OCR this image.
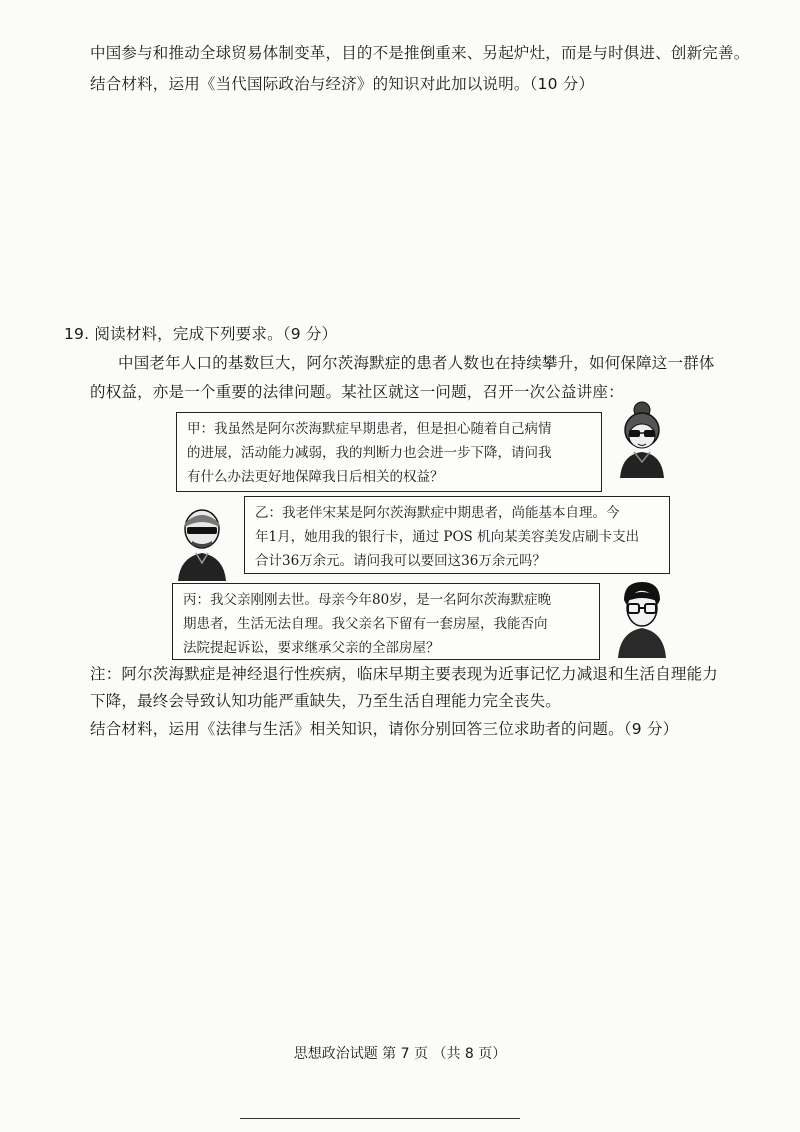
中国参与和推动全球贸易体制变革，目的不是推倒重来、另起炉灶，而是与时俱进、创新完善。
结合材料，运用《当代国际政治与经济》的知识对此加以说明。（10 分）
19. 阅读材料，完成下列要求。（9 分）
中国老年人口的基数巨大，阿尔茨海默症的患者人数也在持续攀升，如何保障这一群体
的权益，亦是一个重要的法律问题。某社区就这一问题，召开一次公益讲座：
甲：我虽然是阿尔茨海默症早期患者，但是担心随着自己病情
的进展，活动能力减弱，我的判断力也会进一步下降，请问我
有什么办法更好地保障我日后相关的权益？
乙：我老伴宋某是阿尔茨海默症中期患者，尚能基本自理。今
年1月，她用我的银行卡，通过 POS 机向某美容美发店刷卡支出
合计36万余元。请问我可以要回这36万余元吗？
丙：我父亲刚刚去世。母亲今年80岁，是一名阿尔茨海默症晚
期患者，生活无法自理。我父亲名下留有一套房屋，我能否向
法院提起诉讼，要求继承父亲的全部房屋？
注：阿尔茨海默症是神经退行性疾病，临床早期主要表现为近事记忆力减退和生活自理能力
下降，最终会导致认知功能严重缺失，乃至生活自理能力完全丧失。
结合材料，运用《法律与生活》相关知识，请你分别回答三位求助者的问题。（9 分）
思想政治试题 第 7 页 （共 8 页）
